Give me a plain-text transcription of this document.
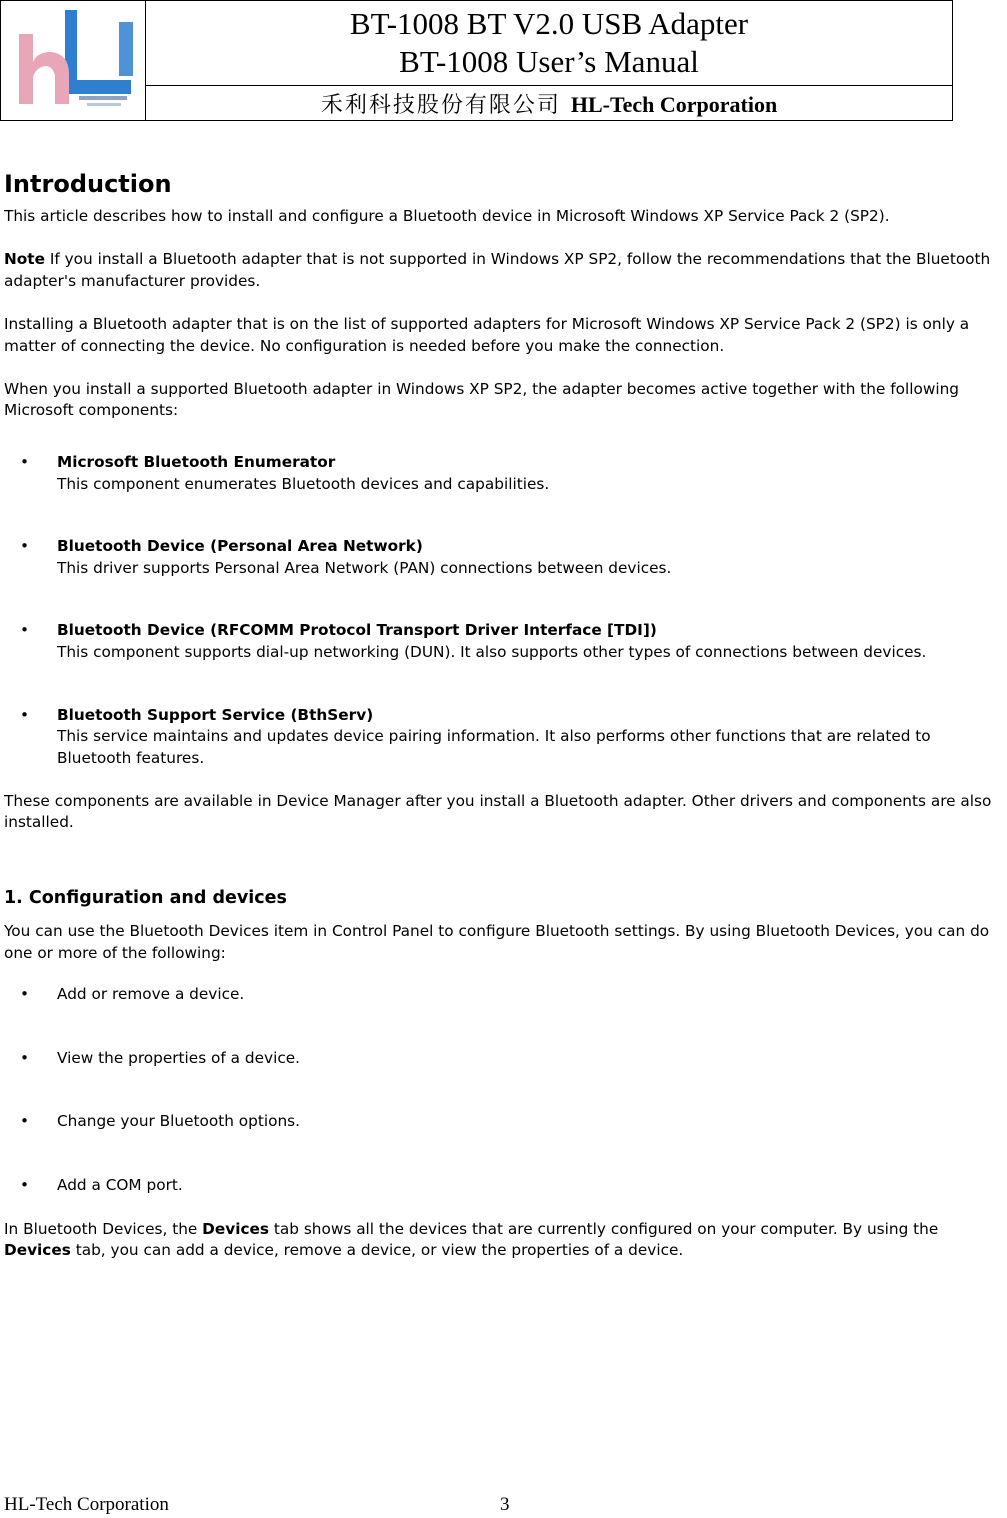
BT-1008 BT V2.0 USB Adapter
BT-1008 User’s Manual

禾利科技股份有限公司 HL-Tech Corporation
Introduction

This article describes how to install and configure a Bluetooth device in Microsoft Windows XP Service Pack 2 (SP2).

Note If you install a Bluetooth adapter that is not supported in Windows XP SP2, follow the recommendations that the Bluetooth adapter's manufacturer provides.

Installing a Bluetooth adapter that is on the list of supported adapters for Microsoft Windows XP Service Pack 2 (SP2) is only a matter of connecting the device. No configuration is needed before you make the connection.

When you install a supported Bluetooth adapter in Windows XP SP2, the adapter becomes active together with the following Microsoft components:

• Microsoft Bluetooth Enumerator
This component enumerates Bluetooth devices and capabilities.
• Bluetooth Device (Personal Area Network)
This driver supports Personal Area Network (PAN) connections between devices.
• Bluetooth Device (RFCOMM Protocol Transport Driver Interface [TDI])
This component supports dial-up networking (DUN). It also supports other types of connections between devices.
• Bluetooth Support Service (BthServ)
This service maintains and updates device pairing information. It also performs other functions that are related to Bluetooth features.

These components are available in Device Manager after you install a Bluetooth adapter. Other drivers and components are also installed.

1. Configuration and devices

You can use the Bluetooth Devices item in Control Panel to configure Bluetooth settings. By using Bluetooth Devices, you can do one or more of the following:

• Add or remove a device.
• View the properties of a device.
• Change your Bluetooth options.
• Add a COM port.

In Bluetooth Devices, the Devices tab shows all the devices that are currently configured on your computer. By using the Devices tab, you can add a device, remove a device, or view the properties of a device.

HL-Tech Corporation	3
